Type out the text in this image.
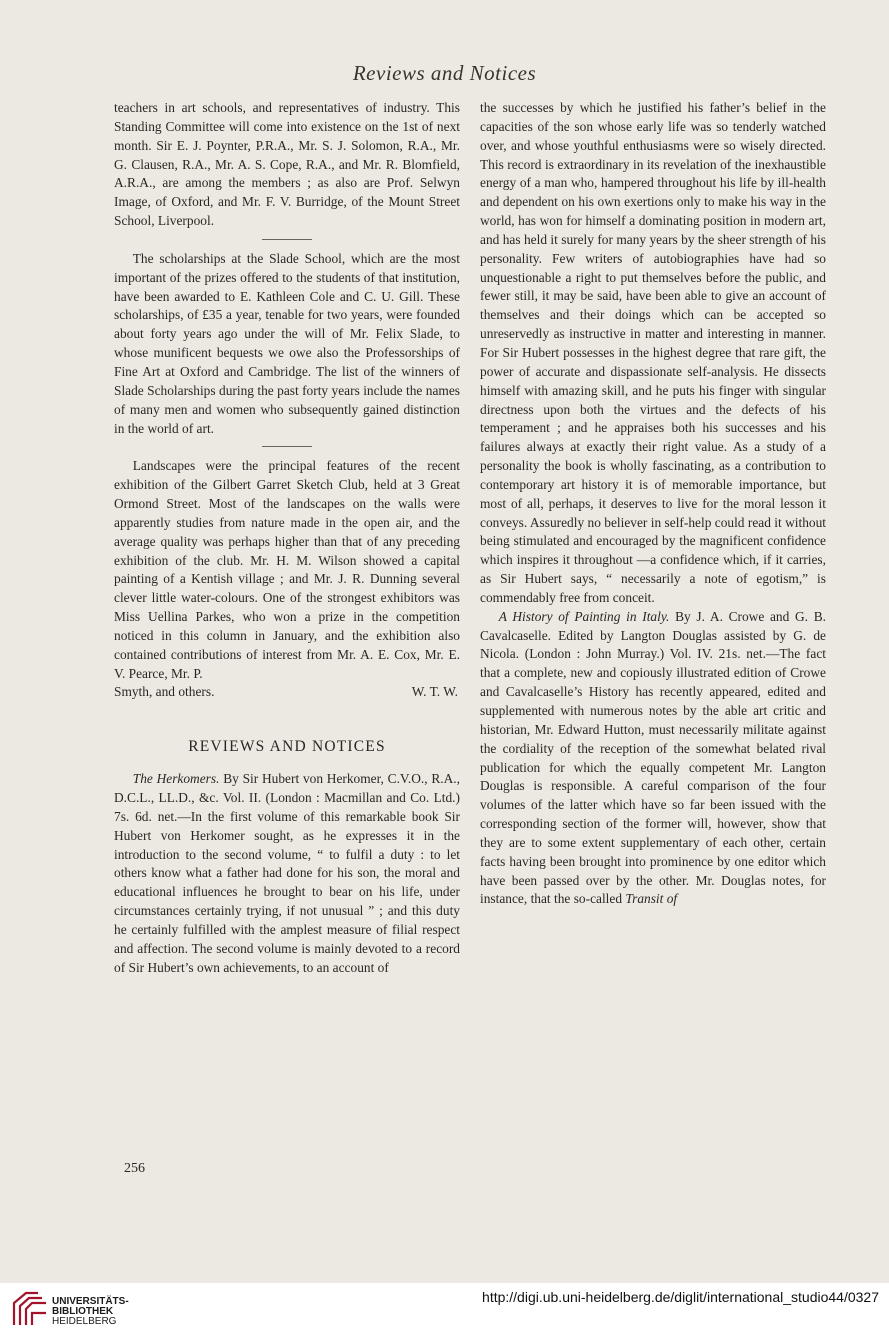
Reviews and Notices

teachers in art schools, and representatives of industry. This Standing Committee will come into existence on the 1st of next month. Sir E. J. Poynter, P.R.A., Mr. S. J. Solomon, R.A., Mr. G. Clausen, R.A., Mr. A. S. Cope, R.A., and Mr. R. Blomfield, A.R.A., are among the members ; as also are Prof. Selwyn Image, of Oxford, and Mr. F. V. Burridge, of the Mount Street School, Liverpool.

The scholarships at the Slade School, which are the most important of the prizes offered to the students of that institution, have been awarded to E. Kathleen Cole and C. U. Gill. These scholarships, of £35 a year, tenable for two years, were founded about forty years ago under the will of Mr. Felix Slade, to whose munificent bequests we owe also the Professorships of Fine Art at Oxford and Cambridge. The list of the winners of Slade Scholarships during the past forty years include the names of many men and women who subsequently gained distinction in the world of art.

Landscapes were the principal features of the recent exhibition of the Gilbert Garret Sketch Club, held at 3 Great Ormond Street. Most of the landscapes on the walls were apparently studies from nature made in the open air, and the average quality was perhaps higher than that of any preceding exhibition of the club. Mr. H. M. Wilson showed a capital painting of a Kentish village ; and Mr. J. R. Dunning several clever little water-colours. One of the strongest exhibitors was Miss Uellina Parkes, who won a prize in the competition noticed in this column in January, and the exhibition also contained contributions of interest from Mr. A. E. Cox, Mr. E. V. Pearce, Mr. P.

Smyth, and others.	W. T. W.
REVIEWS AND NOTICES

The Herkomers. By Sir Hubert von Herkomer, C.V.O., R.A., D.C.L., LL.D., &c. Vol. II. (London : Macmillan and Co. Ltd.) 7s. 6d. net.—In the first volume of this remarkable book Sir Hubert von Herkomer sought, as he expresses it in the introduction to the second volume, “ to fulfil a duty : to let others know what a father had done for his son, the moral and educational influences he brought to bear on his life, under circumstances certainly trying, if not unusual ” ; and this duty he certainly fulfilled with the amplest measure of filial respect and affection. The second volume is mainly devoted to a record of Sir Hubert’s own achievements, to an account of

the successes by which he justified his father’s belief in the capacities of the son whose early life was so tenderly watched over, and whose youthful enthusiasms were so wisely directed. This record is extraordinary in its revelation of the inexhaustible energy of a man who, hampered throughout his life by ill-health and dependent on his own exertions only to make his way in the world, has won for himself a dominating position in modern art, and has held it surely for many years by the sheer strength of his personality. Few writers of autobiographies have had so unquestionable a right to put themselves before the public, and fewer still, it may be said, have been able to give an account of themselves and their doings which can be accepted so unreservedly as instructive in matter and interesting in manner. For Sir Hubert possesses in the highest degree that rare gift, the power of accurate and dispassionate self-analysis. He dissects himself with amazing skill, and he puts his finger with singular directness upon both the virtues and the defects of his temperament ; and he appraises both his successes and his failures always at exactly their right value. As a study of a personality the book is wholly fascinating, as a contribution to contemporary art history it is of memorable importance, but most of all, perhaps, it deserves to live for the moral lesson it conveys. Assuredly no believer in self-help could read it without being stimulated and encouraged by the magnificent confidence which inspires it throughout —a confidence which, if it carries, as Sir Hubert says, “ necessarily a note of egotism,” is commendably free from conceit.

A History of Painting in Italy. By J. A. Crowe and G. B. Cavalcaselle. Edited by Langton Douglas assisted by G. de Nicola. (London : John Murray.) Vol. IV. 21s. net.—The fact that a complete, new and copiously illustrated edition of Crowe and Cavalcaselle’s History has recently appeared, edited and supplemented with numerous notes by the able art critic and historian, Mr. Edward Hutton, must necessarily militate against the cordiality of the reception of the somewhat belated rival publication for which the equally competent Mr. Langton Douglas is responsible. A careful comparison of the four volumes of the latter which have so far been issued with the corresponding section of the former will, however, show that they are to some extent supplementary of each other, certain facts having been brought into prominence by one editor which have been passed over by the other. Mr. Douglas notes, for instance, that the so-called Transit of

256
UNIVERSITÄTS-
BIBLIOTHEK
HEIDELBERG
http://digi.ub.uni-heidelberg.de/diglit/international_studio44/0327
